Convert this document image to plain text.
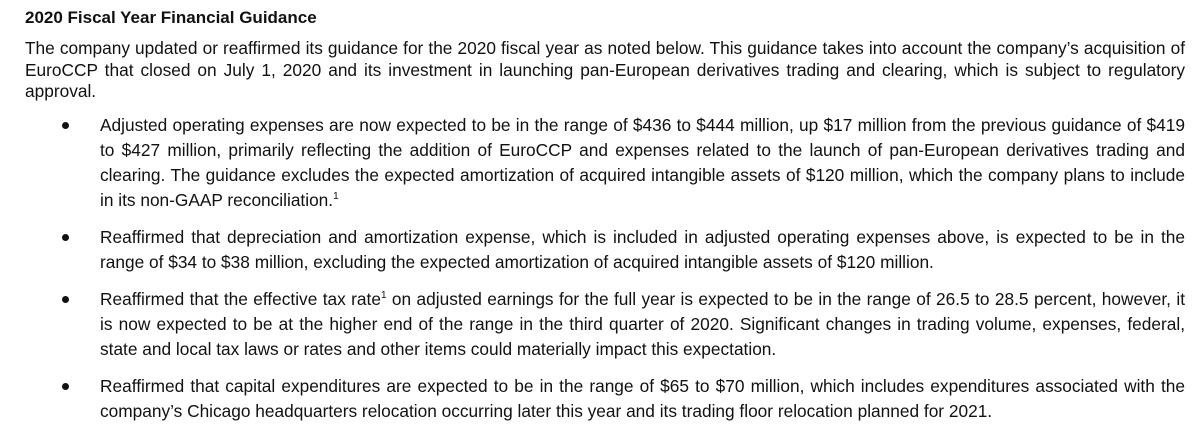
2020 Fiscal Year Financial Guidance
The company updated or reaffirmed its guidance for the 2020 fiscal year as noted below. This guidance takes into account the company’s acquisition of EuroCCP that closed on July 1, 2020 and its investment in launching pan-European derivatives trading and clearing, which is subject to regulatory approval.
Adjusted operating expenses are now expected to be in the range of $436 to $444 million, up $17 million from the previous guidance of $419 to $427 million, primarily reflecting the addition of EuroCCP and expenses related to the launch of pan-European derivatives trading and clearing. The guidance excludes the expected amortization of acquired intangible assets of $120 million, which the company plans to include in its non-GAAP reconciliation.$^1$
Reaffirmed that depreciation and amortization expense, which is included in adjusted operating expenses above, is expected to be in the range of $34 to $38 million, excluding the expected amortization of acquired intangible assets of $120 million.
Reaffirmed that the effective tax rate$^1$ on adjusted earnings for the full year is expected to be in the range of 26.5 to 28.5 percent, however, it is now expected to be at the higher end of the range in the third quarter of 2020. Significant changes in trading volume, expenses, federal, state and local tax laws or rates and other items could materially impact this expectation.
Reaffirmed that capital expenditures are expected to be in the range of $65 to $70 million, which includes expenditures associated with the company’s Chicago headquarters relocation occurring later this year and its trading floor relocation planned for 2021.
